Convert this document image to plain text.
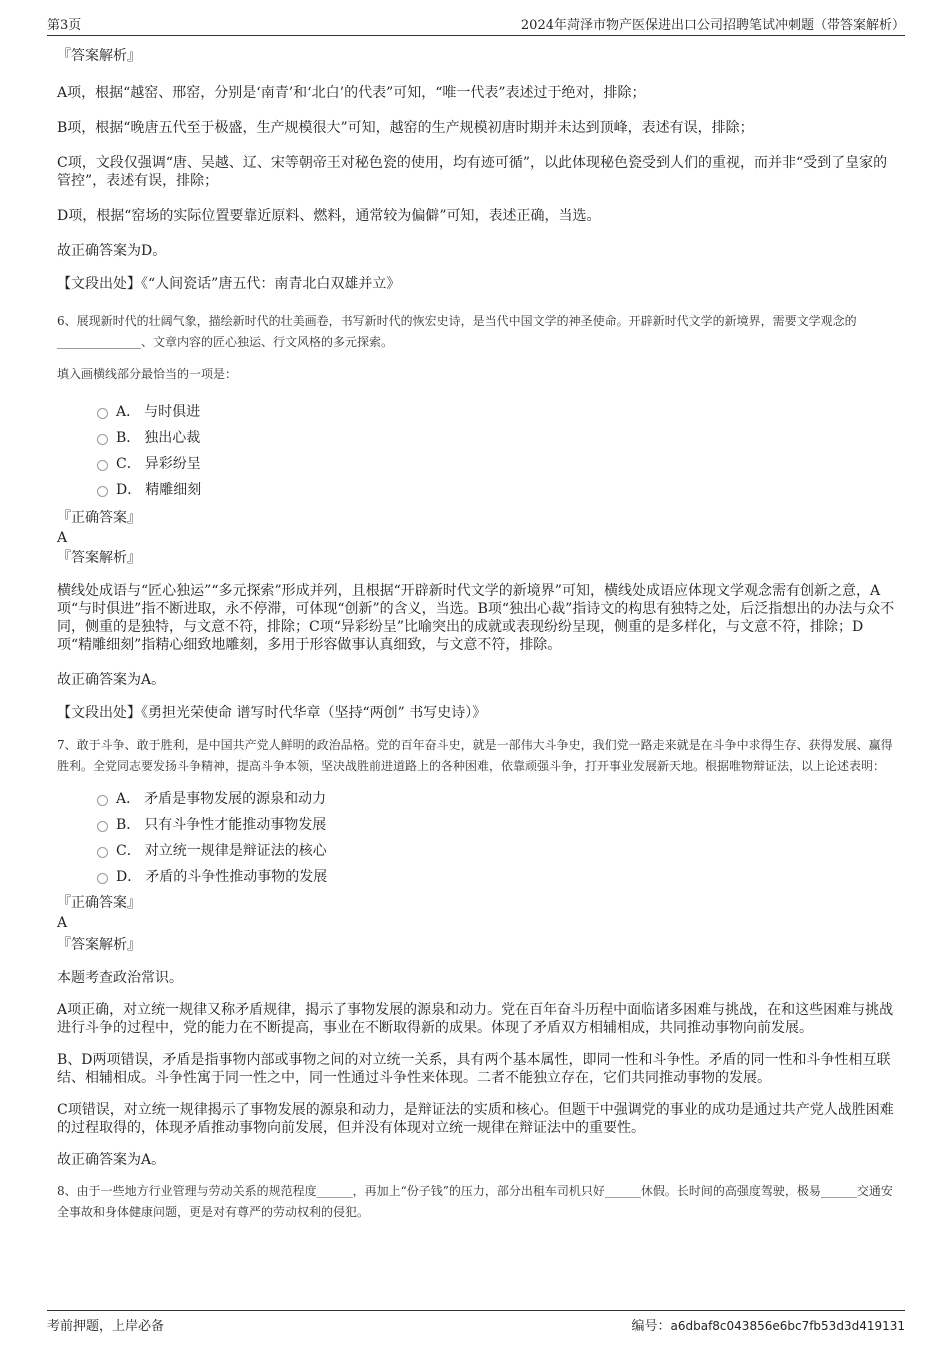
第3页	2024年菏泽市物产医保进出口公司招聘笔试冲刺题（带答案解析）
『答案解析』
A项，根据“越窑、邢窑，分别是‘南青’和‘北白’的代表”可知，“唯一代表”表述过于绝对，排除；
B项，根据“晚唐五代至于极盛，生产规模很大”可知，越窑的生产规模初唐时期并未达到顶峰，表述有误，排除；
C项，文段仅强调“唐、吴越、辽、宋等朝帝王对秘色瓷的使用，均有迹可循”，以此体现秘色瓷受到人们的重视，而并非“受到了皇家的管控”，表述有误，排除；
D项，根据“窑场的实际位置要靠近原料、燃料，通常较为偏僻”可知，表述正确，当选。
故正确答案为D。
【文段出处】《“人间瓷话”唐五代：南青北白双雄并立》
6、展现新时代的壮阔气象，描绘新时代的壮美画卷，书写新时代的恢宏史诗，是当代中国文学的神圣使命。开辟新时代文学的新境界，需要文学观念的 ______________、文章内容的匠心独运、行文风格的多元探索。
填入画横线部分最恰当的一项是：
A． 与时俱进
B． 独出心裁
C． 异彩纷呈
D． 精雕细刻
『正确答案』
A
『答案解析』
横线处成语与“匠心独运”“多元探索”形成并列，且根据“开辟新时代文学的新境界”可知，横线处成语应体现文学观念需有创新之意，A项“与时俱进”指不断进取，永不停滞，可体现“创新”的含义，当选。B项“独出心裁”指诗文的构思有独特之处，后泛指想出的办法与众不同，侧重的是独特，与文意不符，排除；C项“异彩纷呈”比喻突出的成就或表现纷纷呈现，侧重的是多样化，与文意不符，排除；D项“精雕细刻”指精心细致地雕刻，多用于形容做事认真细致，与文意不符，排除。
故正确答案为A。
【文段出处】《勇担光荣使命 谱写时代华章（坚持“两创” 书写史诗）》
7、敢于斗争、敢于胜利，是中国共产党人鲜明的政治品格。党的百年奋斗史，就是一部伟大斗争史，我们党一路走来就是在斗争中求得生存、获得发展、赢得胜利。全党同志要发扬斗争精神，提高斗争本领，坚决战胜前进道路上的各种困难，依靠顽强斗争，打开事业发展新天地。根据唯物辩证法，以上论述表明：
A． 矛盾是事物发展的源泉和动力
B． 只有斗争性才能推动事物发展
C． 对立统一规律是辩证法的核心
D． 矛盾的斗争性推动事物的发展
『正确答案』
A
『答案解析』
本题考查政治常识。
A项正确，对立统一规律又称矛盾规律，揭示了事物发展的源泉和动力。党在百年奋斗历程中面临诸多困难与挑战，在和这些困难与挑战进行斗争的过程中，党的能力在不断提高，事业在不断取得新的成果。体现了矛盾双方相辅相成，共同推动事物向前发展。
B、D两项错误，矛盾是指事物内部或事物之间的对立统一关系，具有两个基本属性，即同一性和斗争性。矛盾的同一性和斗争性相互联结、相辅相成。斗争性寓于同一性之中，同一性通过斗争性来体现。二者不能独立存在，它们共同推动事物的发展。
C项错误，对立统一规律揭示了事物发展的源泉和动力，是辩证法的实质和核心。但题干中强调党的事业的成功是通过共产党人战胜困难的过程取得的，体现矛盾推动事物向前发展，但并没有体现对立统一规律在辩证法中的重要性。
故正确答案为A。
8、由于一些地方行业管理与劳动关系的规范程度______，再加上“份子钱”的压力，部分出租车司机只好______休假。长时间的高强度驾驶，极易______交通安全事故和身体健康问题，更是对有尊严的劳动权利的侵犯。
考前押题，上岸必备	编号：a6dbaf8c043856e6bc7fb53d3d419131
